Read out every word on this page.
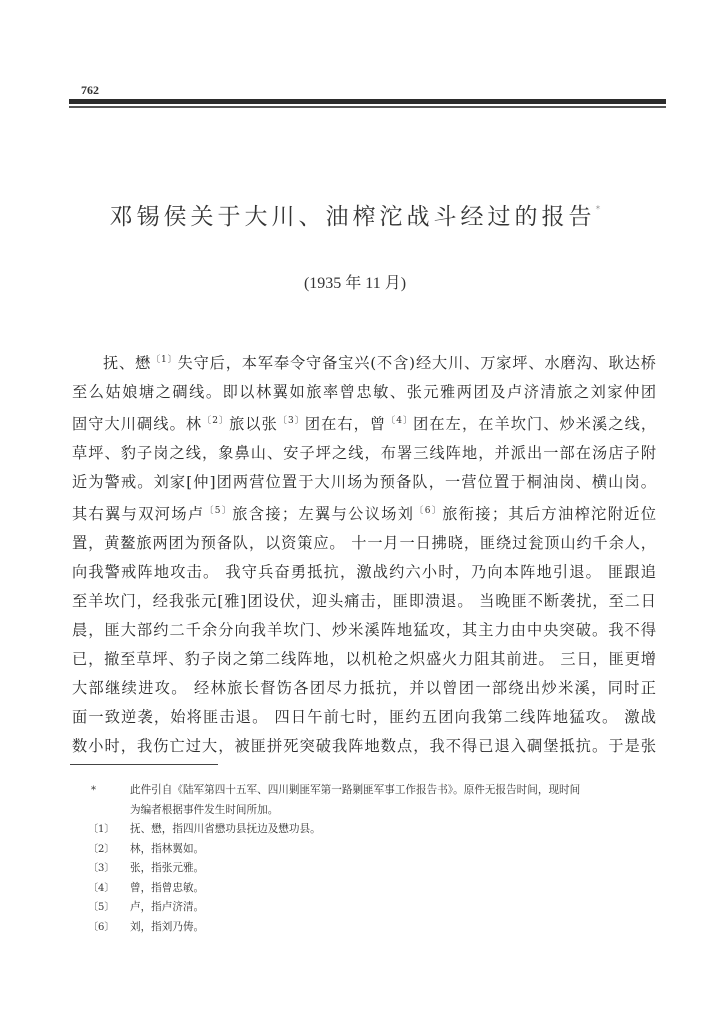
762
邓锡侯关于大川、油榨沱战斗经过的报告*
(1935 年 11 月)

抚、懋$^{〔1〕}$失守后，本军奉令守备宝兴(不含)经大川、万家坪、水磨沟、耿达桥

至么姑娘塘之碉线。即以林翼如旅率曾忠敏、张元雅两团及卢济清旅之刘家仲团

固守大川碉线。林$^{〔2〕}$旅以张$^{〔3〕}$团在右，曾$^{〔4〕}$团在左，在羊坎门、炒米溪之线，

草坪、豹子岗之线，象鼻山、安子坪之线，布署三线阵地，并派出一部在汤店子附

近为警戒。刘家[仲]团两营位置于大川场为预备队，一营位置于桐油岗、横山岗。

其右翼与双河场卢$^{〔5〕}$旅含接；左翼与公议场刘$^{〔6〕}$旅衔接；其后方油榨沱附近位

置，黄鳌旅两团为预备队，以资策应。 十一月一日拂晓，匪绕过瓮顶山约千余人，

向我警戒阵地攻击。 我守兵奋勇抵抗，激战约六小时，乃向本阵地引退。 匪跟追

至羊坎门，经我张元[雅]团设伏，迎头痛击，匪即溃退。 当晚匪不断袭扰，至二日

晨，匪大部约二千余分向我羊坎门、炒米溪阵地猛攻，其主力由中央突破。我不得

已，撤至草坪、豹子岗之第二线阵地，以机枪之炽盛火力阻其前进。 三日，匪更增

大部继续进攻。 经林旅长督饬各团尽力抵抗，并以曾团一部绕出炒米溪，同时正

面一致逆袭，始将匪击退。 四日午前七时，匪约五团向我第二线阵地猛攻。 激战

数小时，我伤亡过大，被匪拼死突破我阵地数点，我不得已退入碉堡抵抗。于是张

*	此件引自《陆军第四十五军、四川剿匪军第一路剿匪军事工作报告书》。原件无报告时间，现时间
为编者根据事件发生时间所加。
〔1〕	抚、懋，指四川省懋功县抚边及懋功县。
〔2〕	林，指林翼如。
〔3〕	张，指张元雅。
〔4〕	曾，指曾忠敏。
〔5〕	卢，指卢济清。
〔6〕	刘，指刘乃俦。
